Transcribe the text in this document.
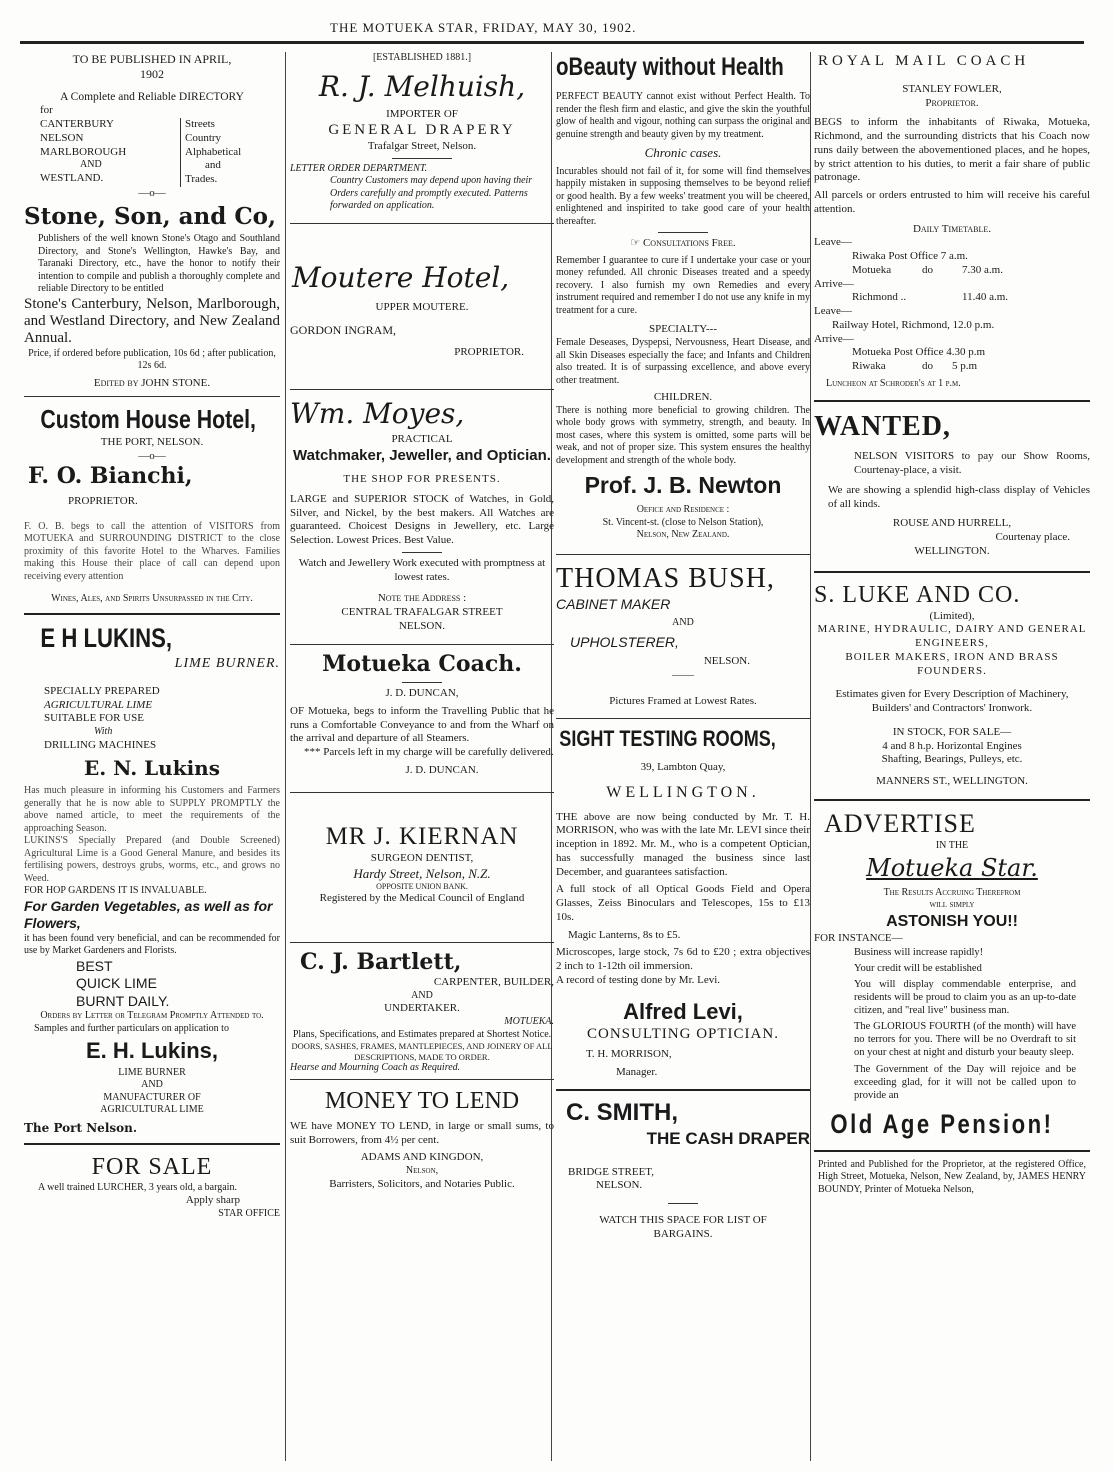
THE MOTUEKA STAR, FRIDAY, MAY 30, 1902.
TO BE PUBLISHED IN APRIL,
1902
A Complete and Reliable DIRECTORY
for
CANTERBURY
NELSON
MARLBOROUGH
AND
WESTLAND.
Streets
Country
Alphabetical
and
Trades.
—o—
Stone, Son, and Co,
Publishers of the well known Stone's Otago and Southland Directory, and Stone's Wellington, Hawke's Bay, and Taranaki Directory, etc., have the honor to notify their intention to compile and publish a thoroughly complete and reliable Directory to be entitled
Stone's Canterbury, Nelson, Marlborough, and Westland Directory, and New Zealand Annual.
Price, if ordered before publication, 10s 6d ; after publication, 12s 6d.
Edited by JOHN STONE.
Custom House Hotel,
THE PORT, NELSON.
—o—
F. O. Bianchi,
PROPRIETOR.
F. O. B. begs to call the attention of VISITORS from MOTUEKA and SURROUNDING DISTRICT to the close proximity of this favorite Hotel to the Wharves. Families making this House their place of call can depend upon receiving every attention
Wines, Ales, and Spirits Unsurpassed in the City.
E H LUKINS,
LIME BURNER.
SPECIALLY PREPARED
AGRICULTURAL LIME
SUITABLE FOR USE
With
DRILLING MACHINES
E. N. Lukins
Has much pleasure in informing his Customers and Farmers generally that he is now able to SUPPLY PROMPTLY the above named article, to meet the requirements of the approaching Season.
LUKINS'S Specially Prepared (and Double Screened) Agricultural Lime is a Good General Manure, and besides its fertilising powers, destroys grubs, worms, etc., and grows no Weed.
FOR HOP GARDENS IT IS INVALUABLE.
For Garden Vegetables, as well as for Flowers,
it has been found very beneficial, and can be recommended for use by Market Gardeners and Florists.
BEST
QUICK LIME
BURNT DAILY.
Orders by Letter or Telegram Promptly Attended to.
Samples and further particulars on application to
E. H. Lukins,
LIME BURNER
AND
MANUFACTURER OF
AGRICULTURAL LIME
The Port Nelson.
FOR SALE
A well trained LURCHER, 3 years old, a bargain.
Apply sharp
STAR OFFICE
[ESTABLISHED 1881.]
R. J. Melhuish,
IMPORTER OF
GENERAL DRAPERY
Trafalgar Street, Nelson.
LETTER ORDER DEPARTMENT.
Country Customers may depend upon having their Orders carefully and promptly executed. Patterns forwarded on application.
Moutere Hotel,
UPPER MOUTERE.
GORDON INGRAM,
PROPRIETOR.
Wm. Moyes,
PRACTICAL
Watchmaker, Jeweller, and Optician.
THE SHOP FOR PRESENTS.
LARGE and SUPERIOR STOCK of Watches, in Gold, Silver, and Nickel, by the best makers. All Watches are guaranteed. Choicest Designs in Jewellery, etc. Large Selection. Lowest Prices. Best Value.
Watch and Jewellery Work executed with promptness at lowest rates.
Note the Address :
CENTRAL TRAFALGAR STREET
NELSON.
Motueka Coach.
J. D. DUNCAN,
OF Motueka, begs to inform the Travelling Public that he runs a Comfortable Conveyance to and from the Wharf on the arrival and departure of all Steamers.
*** Parcels left in my charge will be carefully delivered.
J. D. DUNCAN.
MR J. KIERNAN
SURGEON DENTIST,
Hardy Street, Nelson, N.Z.
OPPOSITE UNION BANK.
Registered by the Medical Council of England
C. J. Bartlett,
CARPENTER, BUILDER,
AND
UNDERTAKER.
MOTUEKA.
Plans, Specifications, and Estimates prepared at Shortest Notice.
DOORS, SASHES, FRAMES, MANTLEPIECES, AND JOINERY OF ALL DESCRIPTIONS, MADE TO ORDER.
Hearse and Mourning Coach as Required.
MONEY TO LEND
WE have MONEY TO LEND, in large or small sums, to suit Borrowers, from 4½ per cent.
ADAMS AND KINGDON,
Nelson,
Barristers, Solicitors, and Notaries Public.
oBeauty without Health
PERFECT BEAUTY cannot exist without Perfect Health. To render the flesh firm and elastic, and give the skin the youthful glow of health and vigour, nothing can surpass the original and genuine strength and beauty given by my treatment.
Chronic cases.
Incurables should not fail of it, for some will find themselves happily mistaken in supposing themselves to be beyond relief or good health. By a few weeks' treatment you will be cheered, enlightened and inspirited to take good care of your health thereafter.
☞ Consultations Free.
Remember I guarantee to cure if I undertake your case or your money refunded. All chronic Diseases treated and a speedy recovery. I also furnish my own Remedies and every instrument required and remember I do not use any knife in my treatment for a cure.
SPECIALTY---
Female Deseases, Dyspepsi, Nervousness, Heart Disease, and all Skin Diseases especially the face; and Infants and Children also treated. It is of surpassing excellence, and above every other treatment.
CHILDREN.
There is nothing more beneficial to growing children. The whole body grows with symmetry, strength, and beauty. In most cases, where this system is omitted, some parts will be weak, and not of proper size. This system ensures the healthy development and strength of the whole body.
Prof. J. B. Newton
Oefice and Residence :
St. Vincent-st. (close to Nelson Station),
Nelson, New Zealand.
THOMAS BUSH,
CABINET MAKER
AND
UPHOLSTERER,
NELSON.
——
Pictures Framed at Lowest Rates.
SIGHT TESTING ROOMS,
39, Lambton Quay,
WELLINGTON.
THE above are now being conducted by Mr. T. H. MORRISON, who was with the late Mr. LEVI since their inception in 1892. Mr. M., who is a competent Optician, has successfully managed the business since last December, and guarantees satisfaction.
A full stock of all Optical Goods Field and Opera Glasses, Zeiss Binoculars and Telescopes, 15s to £13 10s.
Magic Lanterns, 8s to £5.
Microscopes, large stock, 7s 6d to £20 ; extra objectives 2 inch to 1-12th oil immersion.
A record of testing done by Mr. Levi.
Alfred Levi,
CONSULTING OPTICIAN.
T. H. MORRISON,
Manager.
C. SMITH,
THE CASH DRAPER
BRIDGE STREET,
NELSON.
WATCH THIS SPACE FOR LIST OF BARGAINS.
ROYAL MAIL COACH
STANLEY FOWLER,
Proprietor.
BEGS to inform the inhabitants of Riwaka, Motueka, Richmond, and the surrounding districts that his Coach now runs daily between the abovementioned places, and he hopes, by strict attention to his duties, to merit a fair share of public patronage.
All parcels or orders entrusted to him will receive his careful attention.
Daily Timetable.
Leave—
Riwaka Post Office 7 a.m.
Motueka	do	7.30 a.m.
Arrive—
Richmond ..	11.40 a.m.
Leave—
Railway Hotel, Richmond, 12.0 p.m.
Arrive—
Motueka Post Office 4.30 p.m
Riwaka	do	5 p.m
Luncheon at Schroder's at 1 p.m.
WANTED,
NELSON VISITORS to pay our Show Rooms, Courtenay-place, a visit.
We are showing a splendid high-class display of Vehicles of all kinds.
ROUSE AND HURRELL,
Courtenay place.
WELLINGTON.
S. LUKE AND CO.
(Limited),
MARINE, HYDRAULIC, DAIRY AND GENERAL ENGINEERS,
BOILER MAKERS, IRON AND BRASS FOUNDERS.
Estimates given for Every Description of Machinery,
Builders' and Contractors' Ironwork.
IN STOCK, FOR SALE—
4 and 8 h.p. Horizontal Engines
Shafting, Bearings, Pulleys, etc.
MANNERS ST., WELLINGTON.
ADVERTISE
IN THE
Motueka Star.
The Results Accruing Therefrom
will simply
ASTONISH YOU!!
FOR INSTANCE—
Business will increase rapidly!
Your credit will be established
You will display commendable enterprise, and residents will be proud to claim you as an up-to-date citizen, and "real live" business man.
The GLORIOUS FOURTH (of the month) will have no terrors for you. There will be no Overdraft to sit on your chest at night and disturb your beauty sleep.
The Government of the Day will rejoice and be exceeding glad, for it will not be called upon to provide an
Old Age Pension!
Printed and Published for the Proprietor, at the registered Office, High Street, Motueka, Nelson, New Zealand, by, JAMES HENRY BOUNDY, Printer of Motueka Nelson,
